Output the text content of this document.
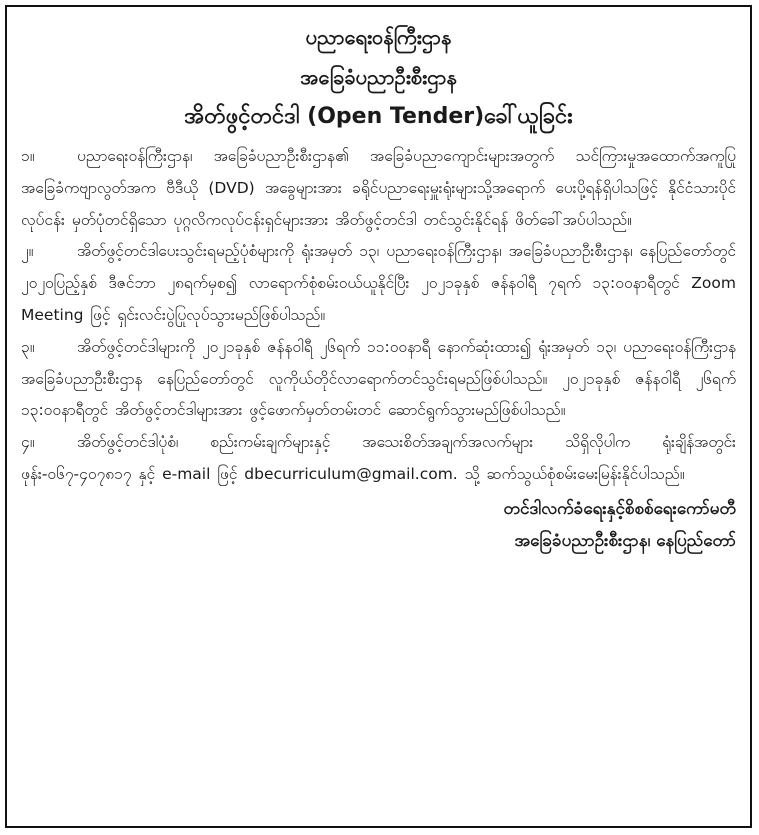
ပညာရေးဝန်ကြီးဌာန
အခြေခံပညာဦးစီးဌာန
အိတ်ဖွင့်တင်ဒါ (Open Tender)ခေါ်ယူခြင်း
၁။	ပညာရေးဝန်ကြီးဌာန၊ အခြေခံပညာဦးစီးဌာန၏ အခြေခံပညာကျောင်းများအတွက် သင်ကြားမှုအထောက်အကူပြု အခြေခံကဗျာလွတ်အက ဗီဒီယို (DVD) အခွေများအား ခရိုင်ပညာရေးမှူးရုံးများသို့အရောက် ပေးပို့ရန်ရှိပါသဖြင့် နိုင်ငံသားပိုင်လုပ်ငန်း မှတ်ပုံတင်ရှိသော ပုဂ္ဂလိကလုပ်ငန်းရှင်များအား အိတ်ဖွင့်တင်ဒါ တင်သွင်းနိုင်ရန် ဖိတ်ခေါ်အပ်ပါသည်။
၂။	အိတ်ဖွင့်တင်ဒါပေးသွင်းရမည့်ပုံစံများကို ရုံးအမှတ် ၁၃၊ ပညာရေးဝန်ကြီးဌာန၊ အခြေခံပညာဦးစီးဌာန၊ နေပြည်တော်တွင် ၂၀၂၀ပြည့်နှစ် ဒီဇင်ဘာ ၂၈ရက်မှစ၍ လာရောက်စုံစမ်းဝယ်ယူနိုင်ပြီး ၂၀၂၁ခုနှစ် ဇန်နဝါရီ ၇ရက် ၁၃:၀၀နာရီတွင် Zoom Meeting ဖြင့် ရှင်းလင်းပွဲပြုလုပ်သွားမည်ဖြစ်ပါသည်။
၃။	အိတ်ဖွင့်တင်ဒါများကို ၂၀၂၁ခုနှစ် ဇန်နဝါရီ ၂၆ရက် ၁၁:၀၀နာရီ နောက်ဆုံးထား၍ ရုံးအမှတ် ၁၃၊ ပညာရေးဝန်ကြီးဌာန အခြေခံပညာဦးစီးဌာန နေပြည်တော်တွင် လူကိုယ်တိုင်လာရောက်တင်သွင်းရမည်ဖြစ်ပါသည်။ ၂၀၂၁ခုနှစ် ဇန်နဝါရီ ၂၆ရက် ၁၃:၀၀နာရီတွင် အိတ်ဖွင့်တင်ဒါများအား ဖွင့်ဖောက်မှတ်တမ်းတင် ဆောင်ရွက်သွားမည်ဖြစ်ပါသည်။
၄။	အိတ်ဖွင့်တင်ဒါပုံစံ၊ စည်းကမ်းချက်များနှင့် အသေးစိတ်အချက်အလက်များ သိရှိလိုပါက ရုံးချိန်အတွင်း ဖုန်း-၀၆၇-၄၀၇၈၁၇ နှင့် e-mail ဖြင့် dbecurriculum@gmail.com. သို့ ဆက်သွယ်စုံစမ်းမေးမြန်းနိုင်ပါသည်။
တင်ဒါလက်ခံရေးနှင့်စိစစ်ရေးကော်မတီ
အခြေခံပညာဦးစီးဌာန၊ နေပြည်တော်
